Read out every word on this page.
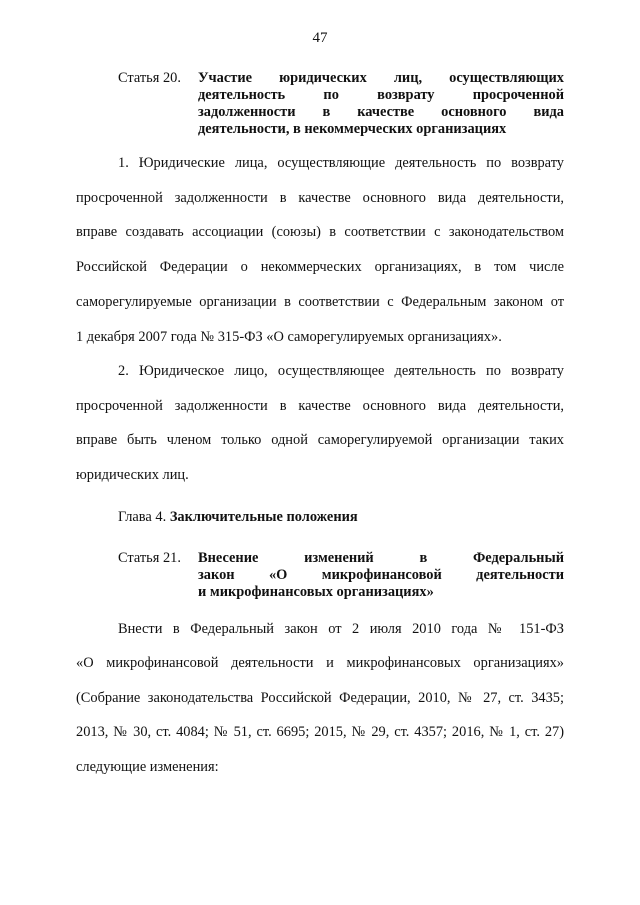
47
Статья 20. Участие юридических лиц, осуществляющих
деятельность по возврату просроченной
задолженности в качестве основного вида
деятельности, в некоммерческих организациях
1. Юридические лица, осуществляющие деятельность по возврату
просроченной задолженности в качестве основного вида деятельности,
вправе создавать ассоциации (союзы) в соответствии с законодательством
Российской Федерации о некоммерческих организациях, в том числе
саморегулируемые организации в соответствии с Федеральным законом от
1 декабря 2007 года № 315-ФЗ «О саморегулируемых организациях».
2. Юридическое лицо, осуществляющее деятельность по возврату
просроченной задолженности в качестве основного вида деятельности,
вправе быть членом только одной саморегулируемой организации таких
юридических лиц.
Глава 4. Заключительные положения
Статья 21. Внесение изменений в Федеральный
закон «О микрофинансовой деятельности
и микрофинансовых организациях»
Внести в Федеральный закон от 2 июля 2010 года № 151-ФЗ
«О микрофинансовой деятельности и микрофинансовых организациях»
(Собрание законодательства Российской Федерации, 2010, № 27, ст. 3435;
2013, № 30, ст. 4084; № 51, ст. 6695; 2015, № 29, ст. 4357; 2016, № 1, ст. 27)
следующие изменения:
